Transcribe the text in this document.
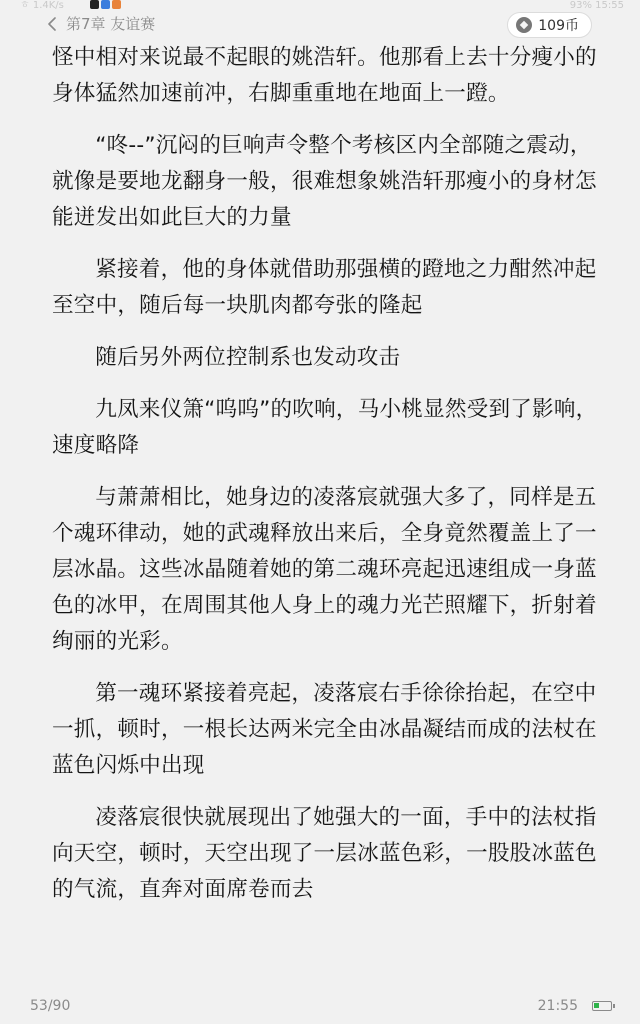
ㅎ 1.4K/s	93% 15:55
第7章 友谊赛	109币

怪中相对来说最不起眼的姚浩轩。他那看上去十分瘦小的身体猛然加速前冲，右脚重重地在地面上一蹬。

“咚--”沉闷的巨响声令整个考核区内全部随之震动，就像是要地龙翻身一般，很难想象姚浩轩那瘦小的身材怎能迸发出如此巨大的力量

紧接着，他的身体就借助那强横的蹬地之力酣然冲起至空中，随后每一块肌肉都夸张的隆起

随后另外两位控制系也发动攻击

九凤来仪箫“呜呜”的吹响，马小桃显然受到了影响，速度略降

与萧萧相比，她身边的凌落宸就强大多了，同样是五个魂环律动，她的武魂释放出来后，全身竟然覆盖上了一层冰晶。这些冰晶随着她的第二魂环亮起迅速组成一身蓝色的冰甲，在周围其他人身上的魂力光芒照耀下，折射着绚丽的光彩。

第一魂环紧接着亮起，凌落宸右手徐徐抬起，在空中一抓，顿时，一根长达两米完全由冰晶凝结而成的法杖在蓝色闪烁中出现

凌落宸很快就展现出了她强大的一面，手中的法杖指向天空，顿时，天空出现了一层冰蓝色彩，一股股冰蓝色的气流，直奔对面席卷而去

53/90	21:55
